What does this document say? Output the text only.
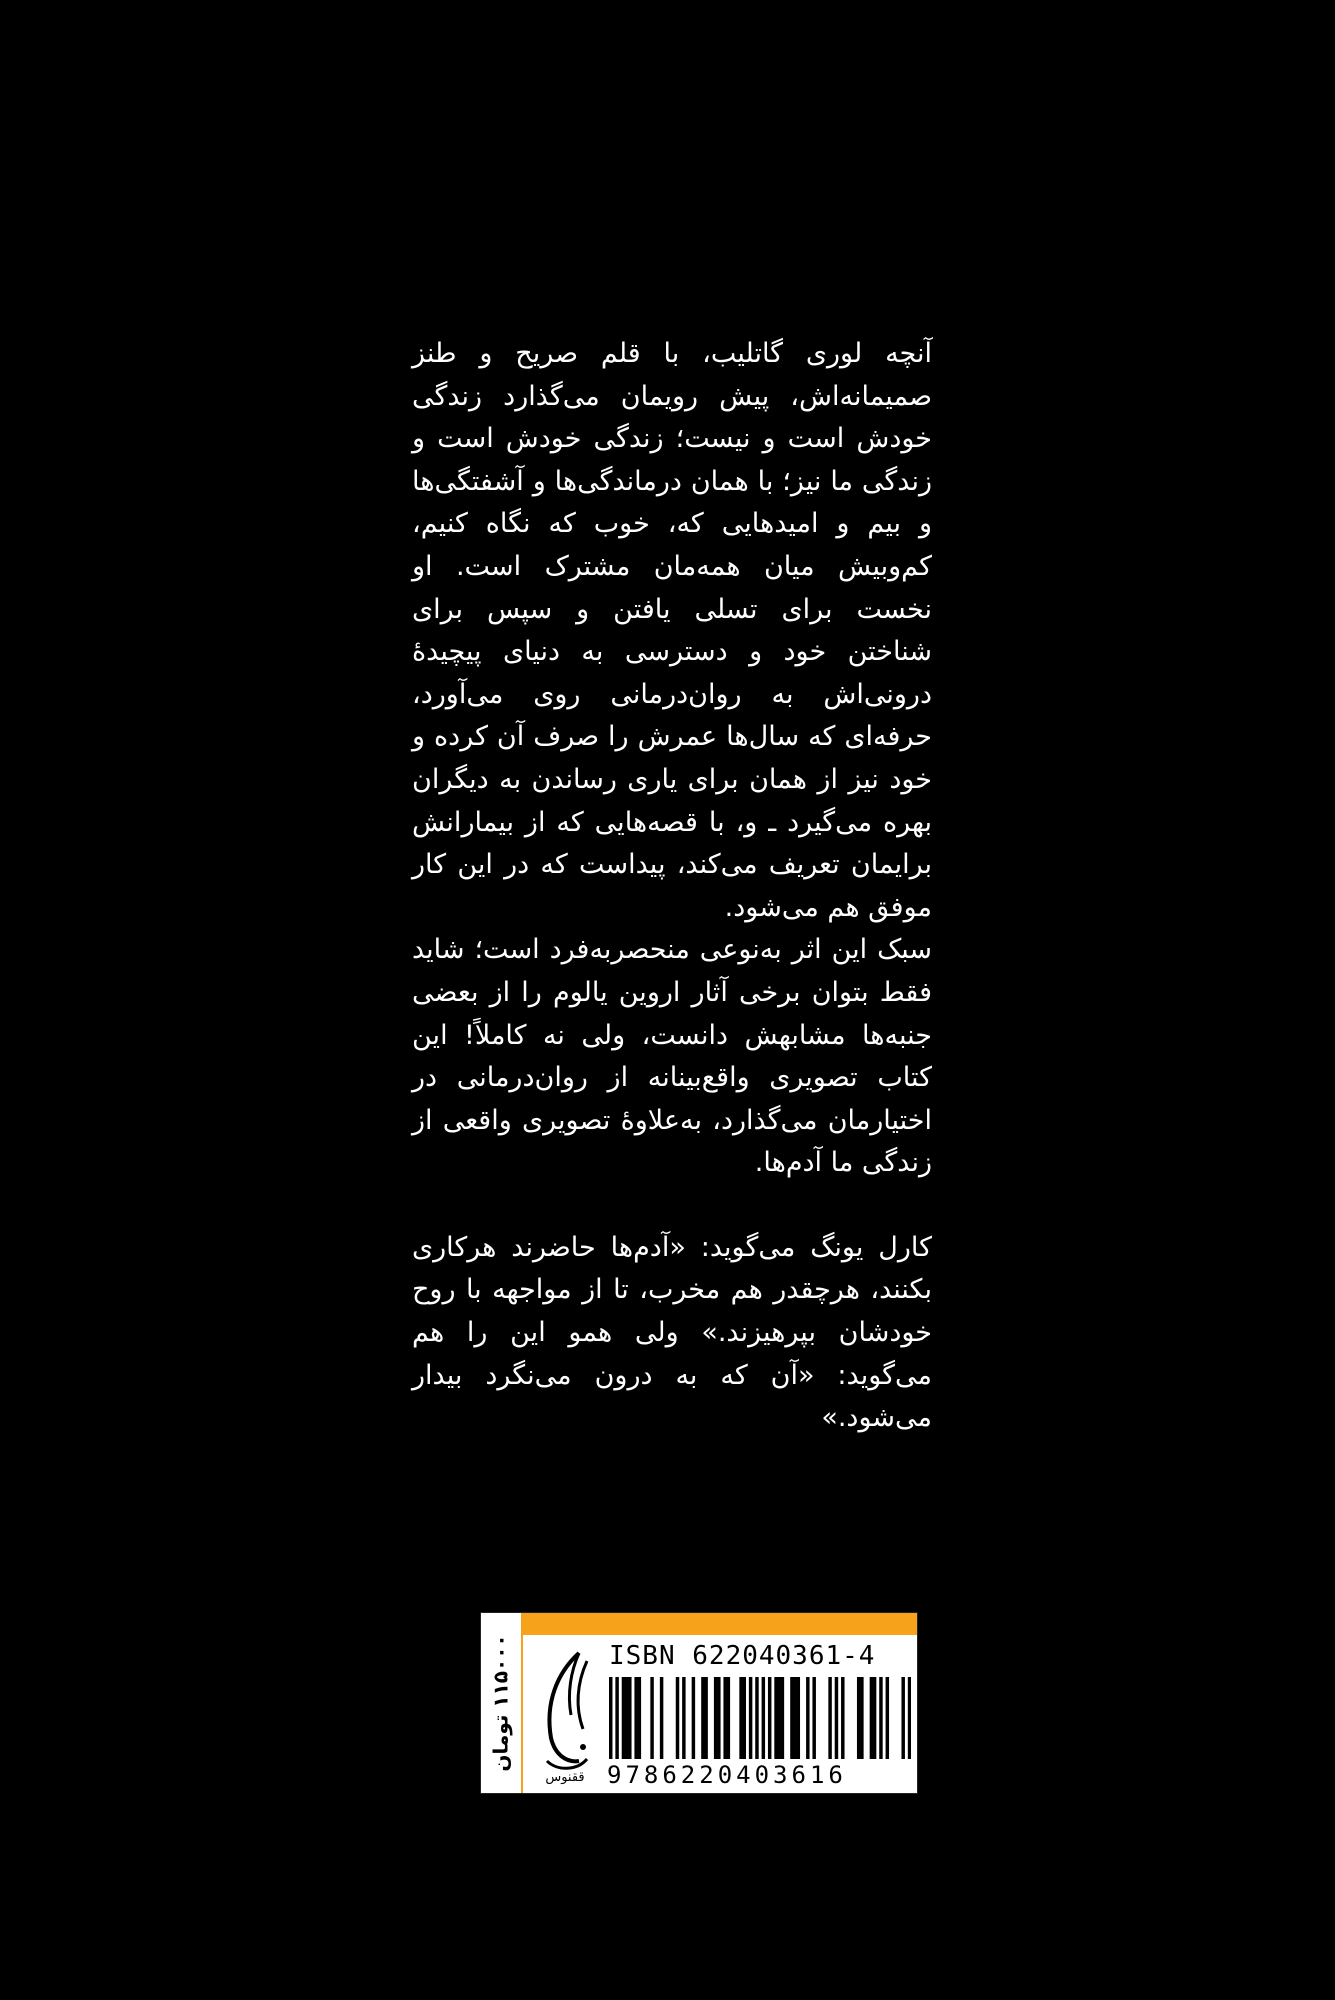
آنچه لوری گاتلیب، با قلم صریح و طنز صمیمانه‌اش، پیش رویمان می‌گذارد زندگی خودش است و نیست؛ زندگی خودش است و زندگی ما نیز؛ با همان درماندگی‌ها و آشفتگی‌ها و بیم و امیدهایی که، خوب که نگاه کنیم، کم‌وبیش میان همه‌مان مشترک است. او نخست برای تسلی یافتن و سپس برای شناختن خود و دسترسی به دنیای پیچیدهٔ درونی‌اش به روان‌درمانی روی می‌آورد، حرفه‌ای که سال‌ها عمرش را صرف آن کرده و خود نیز از همان برای یاری رساندن به دیگران بهره می‌گیرد ـ و، با قصه‌هایی که از بیمارانش برایمان تعریف می‌کند، پیداست که در این کار موفق هم می‌شود.

سبک این اثر به‌نوعی منحصربه‌فرد است؛ شاید فقط بتوان برخی آثار اروین یالوم را از بعضی جنبه‌ها مشابهش دانست، ولی نه کاملاً! این کتاب تصویری واقع‌بینانه از روان‌درمانی در اختیارمان می‌گذارد، به‌علاوهٔ تصویری واقعی از زندگی ما آدم‌ها.

کارل یونگ می‌گوید: «آدم‌ها حاضرند هرکاری بکنند، هرچقدر هم مخرب، تا از مواجهه با روح خودشان بپرهیزند.» ولی همو این را هم می‌گوید: «آن که به درون می‌نگرد بیدار می‌شود.»

۱۱۵۰۰۰ تومان
ققنوس
ISBN 622040361-4
9786220403616
